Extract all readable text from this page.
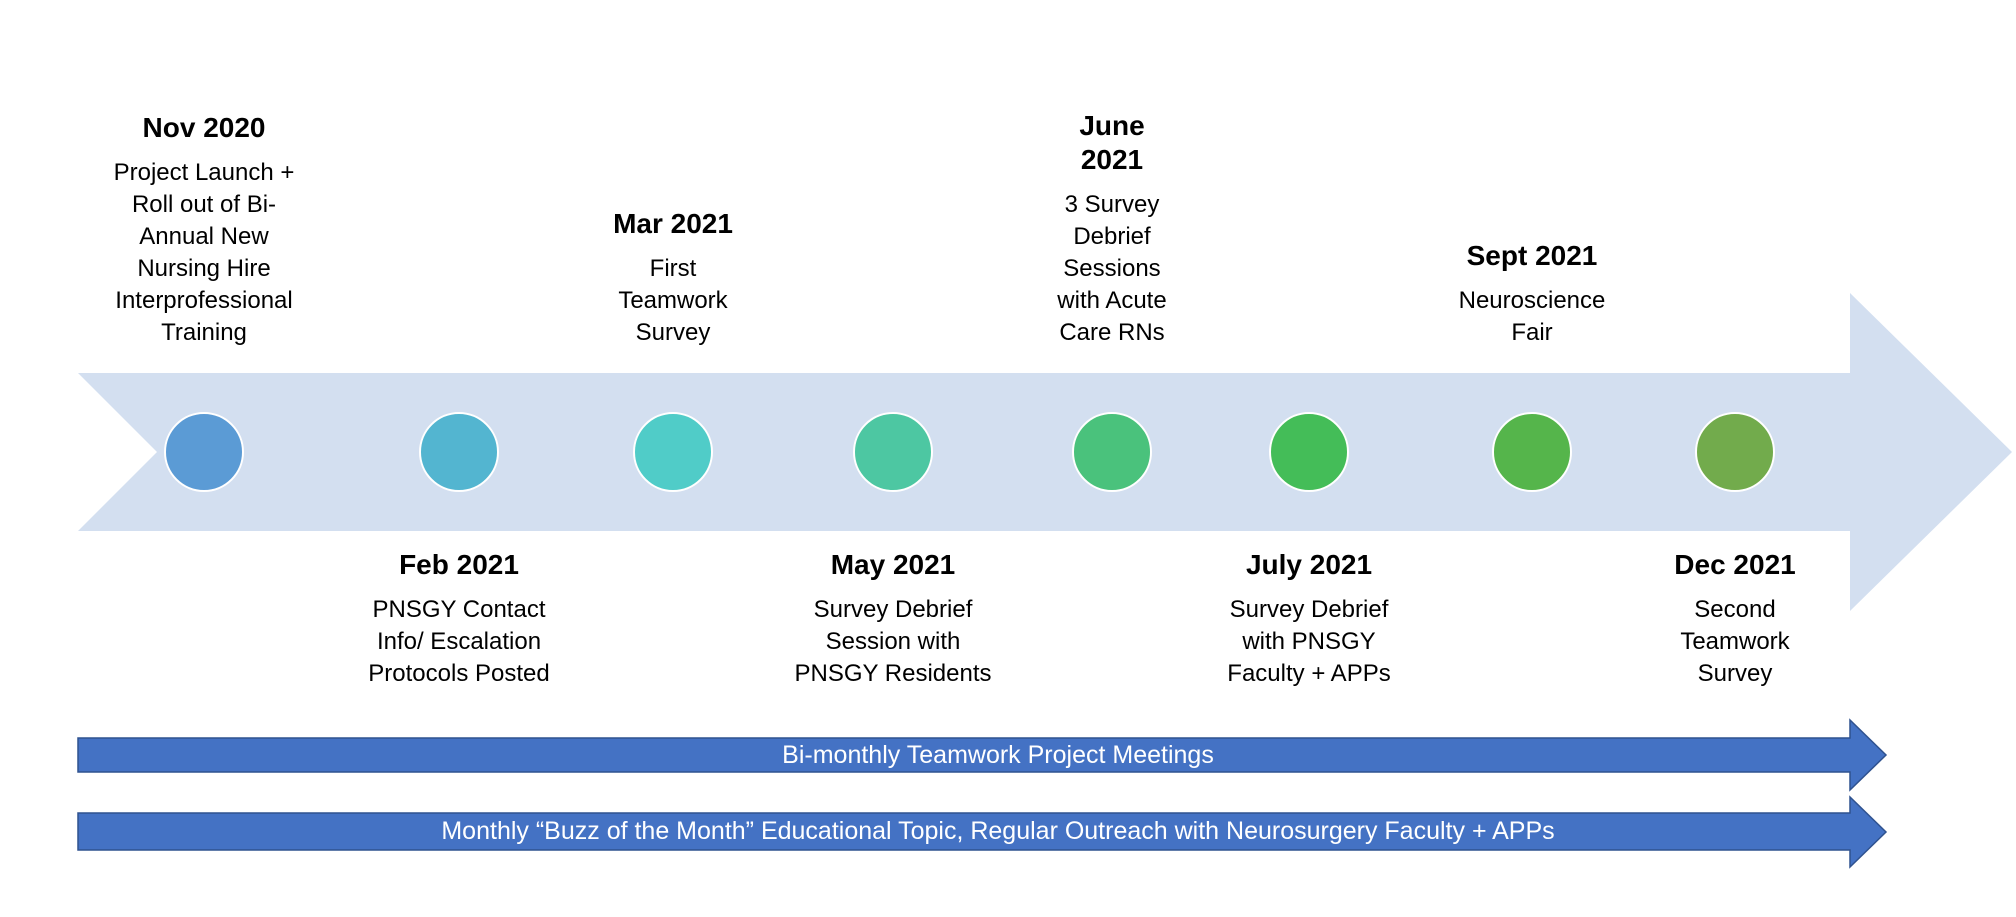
Nov 2020
Project Launch +
Roll out of Bi-
Annual New
Nursing Hire
Interprofessional
Training
Mar 2021
First
Teamwork
Survey
June 2021
3 Survey
Debrief
Sessions
with Acute
Care RNs
Sept 2021
Neuroscience
Fair
Feb 2021
PNSGY Contact
Info/ Escalation
Protocols Posted
May 2021
Survey Debrief
Session with
PNSGY Residents
July 2021
Survey Debrief
with PNSGY
Faculty + APPs
Dec 2021
Second
Teamwork
Survey
Bi-monthly Teamwork Project Meetings
Monthly “Buzz of the Month” Educational Topic, Regular Outreach with Neurosurgery Faculty + APPs
